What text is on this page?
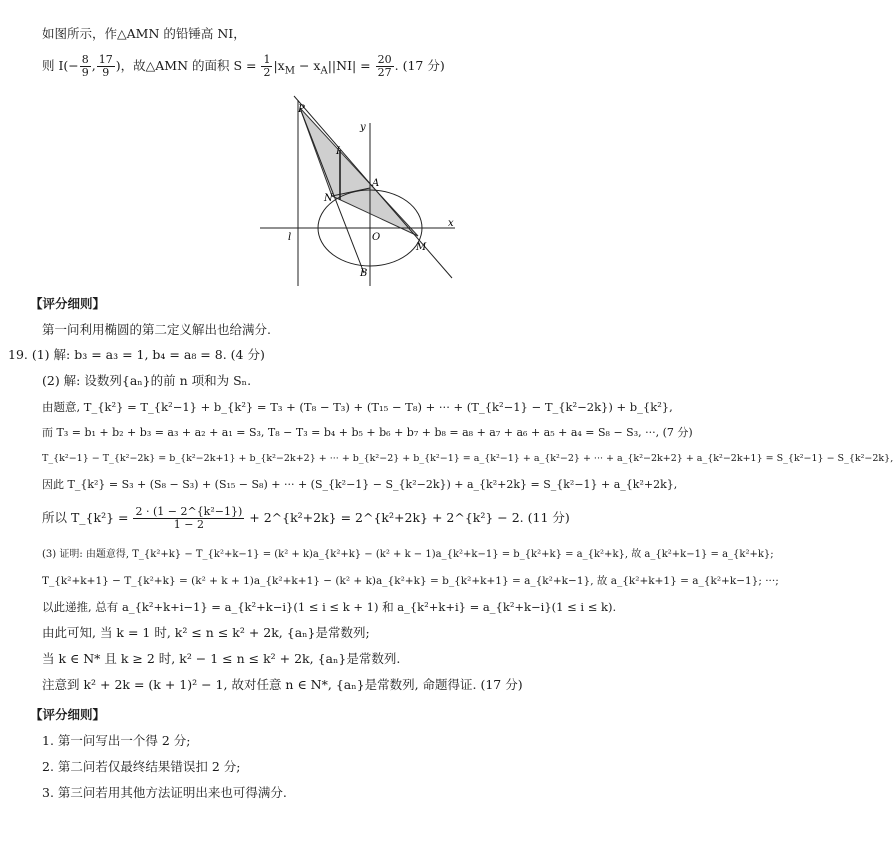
如图所示，作△AMN 的铅锤高 NI，
则 $I(- \frac{8}{9}$ , $\frac{17}{9}$ )，故△AMN 的面积 $S = \frac{1}{2} |x_M - x_A||NI| = \frac{20}{27}$ . (17 分)
P
I
N
A
O
M
B
l
x
y
【评分细则】
第一问利用椭圆的第二定义解出也给满分.
19. (1) 解: b₃ = a₃ = 1, b₄ = a₈ = 8. (4 分)
(2) 解: 设数列{aₙ}的前 n 项和为 Sₙ.
由题意, T_{k²} = T_{k²−1} + b_{k²} = T₃ + (T₈ − T₃) + (T₁₅ − T₈) + ··· + (T_{k²−1} − T_{k²−2k}) + b_{k²},
而 T₃ = b₁ + b₂ + b₃ = a₃ + a₂ + a₁ = S₃, T₈ − T₃ = b₄ + b₅ + b₆ + b₇ + b₈ = a₈ + a₇ + a₆ + a₅ + a₄ = S₈ − S₃, ···, (7 分)
T_{k²−1} − T_{k²−2k} = b_{k²−2k+1} + b_{k²−2k+2} + ··· + b_{k²−2} + b_{k²−1} = a_{k²−1} + a_{k²−2} + ··· + a_{k²−2k+2} + a_{k²−2k+1} = S_{k²−1} − S_{k²−2k},
因此 T_{k²} = S₃ + (S₈ − S₃) + (S₁₅ − S₈) + ··· + (S_{k²−1} − S_{k²−2k}) + a_{k²+2k} = S_{k²−1} + a_{k²+2k},
所以 T_{k²} = $\frac{\text{2 · (1 − 2\textasciicircum{}\{k²−1\})}}{1 - 2}$ + 2^{k²+2k} = 2^{k²+2k} + 2^{k²} − 2. (11 分)
(3) 证明: 由题意得, T_{k²+k} − T_{k²+k−1} = (k² + k)a_{k²+k} − (k² + k − 1)a_{k²+k−1} = b_{k²+k} = a_{k²+k}, 故 a_{k²+k−1} = a_{k²+k};
T_{k²+k+1} − T_{k²+k} = (k² + k + 1)a_{k²+k+1} − (k² + k)a_{k²+k} = b_{k²+k+1} = a_{k²+k−1}, 故 a_{k²+k+1} = a_{k²+k−1}; ···;
以此递推, 总有 a_{k²+k+i−1} = a_{k²+k−i}(1 ≤ i ≤ k + 1) 和 a_{k²+k+i} = a_{k²+k−i}(1 ≤ i ≤ k).
由此可知, 当 k = 1 时, k² ≤ n ≤ k² + 2k, {aₙ}是常数列;
当 k ∈ N* 且 k ≥ 2 时, k² − 1 ≤ n ≤ k² + 2k, {aₙ}是常数列.
注意到 k² + 2k = (k + 1)² − 1, 故对任意 n ∈ N*, {aₙ}是常数列, 命题得证. (17 分)
【评分细则】
1. 第一问写出一个得 2 分;
2. 第二问若仅最终结果错误扣 2 分;
3. 第三问若用其他方法证明出来也可得满分.
